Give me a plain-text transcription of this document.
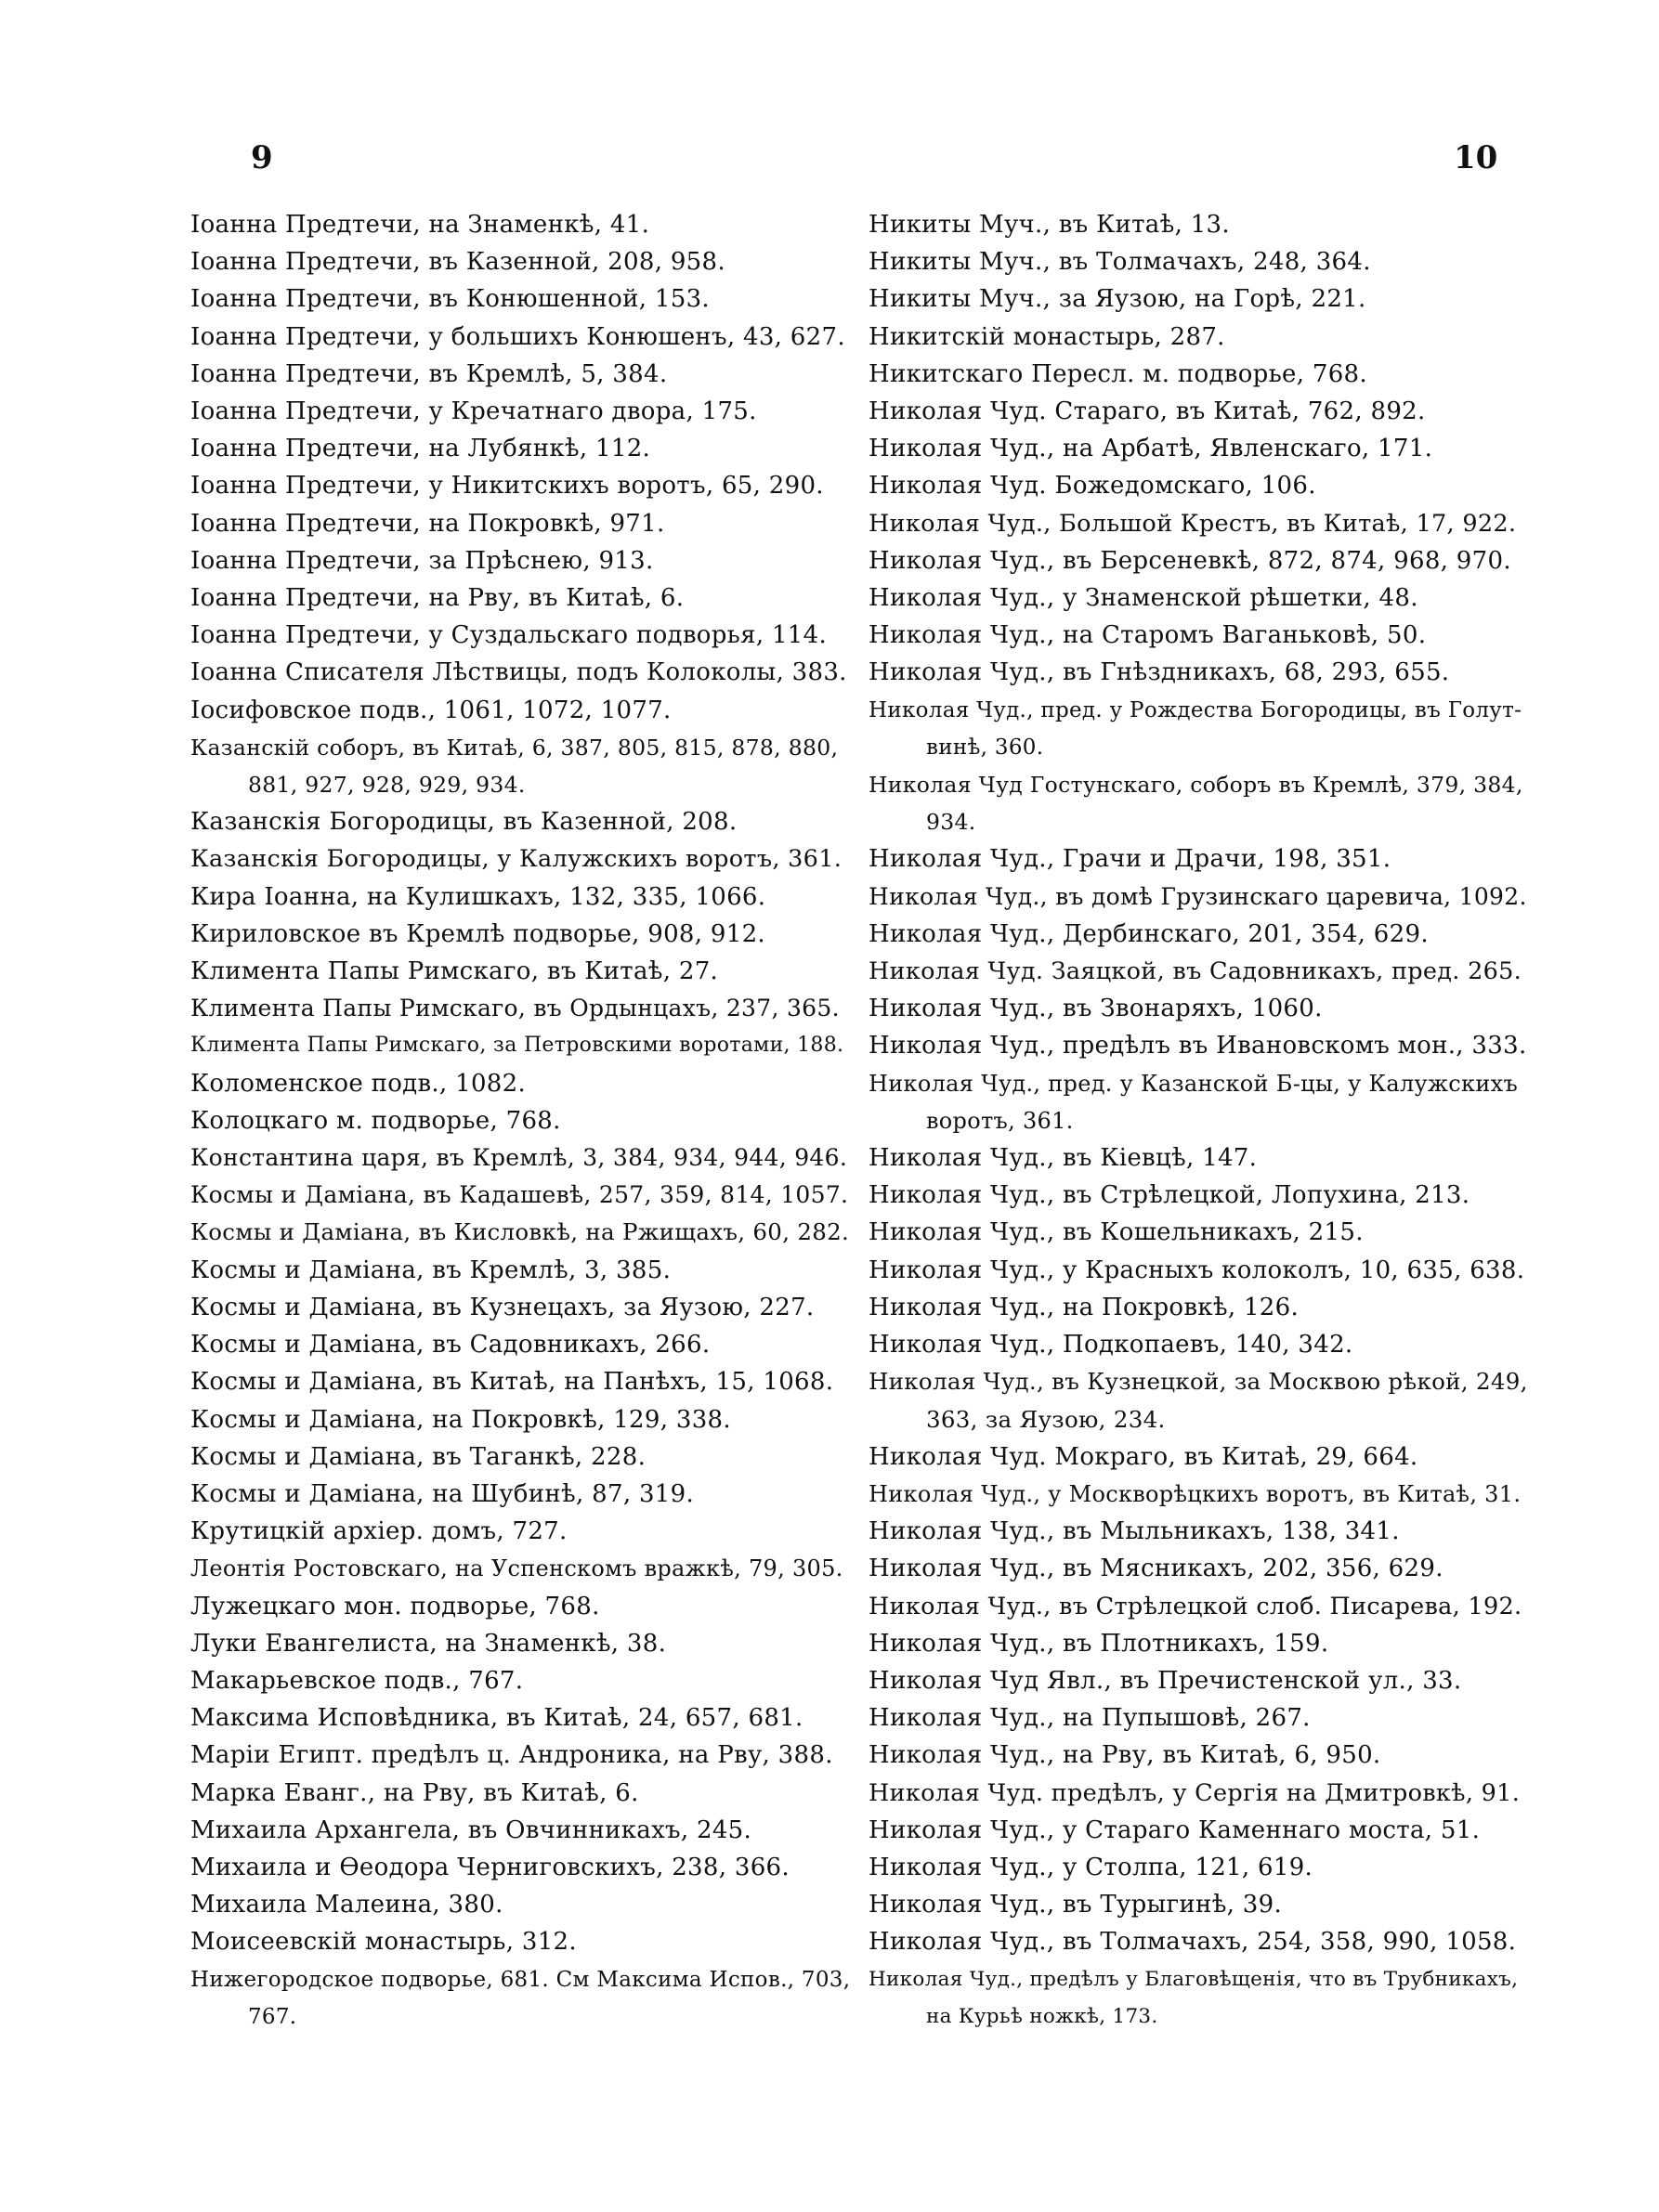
9	10

Іоанна Предтечи, на Знаменкѣ, 41.

Іоанна Предтечи, въ Казенной, 208, 958.

Іоанна Предтечи, въ Конюшенной, 153.

Іоанна Предтечи, у большихъ Конюшенъ, 43, 627.

Іоанна Предтечи, въ Кремлѣ, 5, 384.

Іоанна Предтечи, у Кречатнаго двора, 175.

Іоанна Предтечи, на Лубянкѣ, 112.

Іоанна Предтечи, у Никитскихъ воротъ, 65, 290.

Іоанна Предтечи, на Покровкѣ, 971.

Іоанна Предтечи, за Прѣснею, 913.

Іоанна Предтечи, на Рву, въ Китаѣ, 6.

Іоанна Предтечи, у Суздальскаго подворья, 114.

Іоанна Списателя Лѣствицы, подъ Колоколы, 383.

Іосифовское подв., 1061, 1072, 1077.

Казанскій соборъ, въ Китаѣ, 6, 387, 805, 815, 878, 880,
881, 927, 928, 929, 934.

Казанскія Богородицы, въ Казенной, 208.

Казанскія Богородицы, у Калужскихъ воротъ, 361.

Кира Іоанна, на Кулишкахъ, 132, 335, 1066.

Кириловское въ Кремлѣ подворье, 908, 912.

Климента Папы Римскаго, въ Китаѣ, 27.

Климента Папы Римскаго, въ Ордынцахъ, 237, 365.

Климента Папы Римскаго, за Петровскими воротами, 188.

Коломенское подв., 1082.

Колоцкаго м. подворье, 768.

Константина царя, въ Кремлѣ, 3, 384, 934, 944, 946.

Космы и Даміана, въ Кадашевѣ, 257, 359, 814, 1057.

Космы и Даміана, въ Кисловкѣ, на Ржищахъ, 60, 282.

Космы и Даміана, въ Кремлѣ, 3, 385.

Космы и Даміана, въ Кузнецахъ, за Яузою, 227.

Космы и Даміана, въ Садовникахъ, 266.

Космы и Даміана, въ Китаѣ, на Панѣхъ, 15, 1068.

Космы и Даміана, на Покровкѣ, 129, 338.

Космы и Даміана, въ Таганкѣ, 228.

Космы и Даміана, на Шубинѣ, 87, 319.

Крутицкій архіер. домъ, 727.

Леонтія Ростовскаго, на Успенскомъ вражкѣ, 79, 305.

Лужецкаго мон. подворье, 768.

Луки Евангелиста, на Знаменкѣ, 38.

Макарьевское подв., 767.

Максима Исповѣдника, въ Китаѣ, 24, 657, 681.

Маріи Египт. предѣлъ ц. Андроника, на Рву, 388.

Марка Еванг., на Рву, въ Китаѣ, 6.

Михаила Архангела, въ Овчинникахъ, 245.

Михаила и Ѳеодора Черниговскихъ, 238, 366.

Михаила Малеина, 380.

Моисеевскій монастырь, 312.

Нижегородское подворье, 681. См Максима Испов., 703,
767.

Никиты Муч., въ Китаѣ, 13.

Никиты Муч., въ Толмачахъ, 248, 364.

Никиты Муч., за Яузою, на Горѣ, 221.

Никитскій монастырь, 287.

Никитскаго Пересл. м. подворье, 768.

Николая Чуд. Стараго, въ Китаѣ, 762, 892.

Николая Чуд., на Арбатѣ, Явленскаго, 171.

Николая Чуд. Божедомскаго, 106.

Николая Чуд., Большой Крестъ, въ Китаѣ, 17, 922.

Николая Чуд., въ Берсеневкѣ, 872, 874, 968, 970.

Николая Чуд., у Знаменской рѣшетки, 48.

Николая Чуд., на Старомъ Ваганьковѣ, 50.

Николая Чуд., въ Гнѣздникахъ, 68, 293, 655.

Николая Чуд., пред. у Рождества Богородицы, въ Голут-
винѣ, 360.

Николая Чуд Гостунскаго, соборъ въ Кремлѣ, 379, 384,
934.

Николая Чуд., Грачи и Драчи, 198, 351.

Николая Чуд., въ домѣ Грузинскаго царевича, 1092.

Николая Чуд., Дербинскаго, 201, 354, 629.

Николая Чуд. Заяцкой, въ Садовникахъ, пред. 265.

Николая Чуд., въ Звонаряхъ, 1060.

Николая Чуд., предѣлъ въ Ивановскомъ мон., 333.

Николая Чуд., пред. у Казанской Б-цы, у Калужскихъ
воротъ, 361.

Николая Чуд., въ Кіевцѣ, 147.

Николая Чуд., въ Стрѣлецкой, Лопухина, 213.

Николая Чуд., въ Кошельникахъ, 215.

Николая Чуд., у Красныхъ колоколъ, 10, 635, 638.

Николая Чуд., на Покровкѣ, 126.

Николая Чуд., Подкопаевъ, 140, 342.

Николая Чуд., въ Кузнецкой, за Москвою рѣкой, 249,
363, за Яузою, 234.

Николая Чуд. Мокраго, въ Китаѣ, 29, 664.

Николая Чуд., у Москворѣцкихъ воротъ, въ Китаѣ, 31.

Николая Чуд., въ Мыльникахъ, 138, 341.

Николая Чуд., въ Мясникахъ, 202, 356, 629.

Николая Чуд., въ Стрѣлецкой слоб. Писарева, 192.

Николая Чуд., въ Плотникахъ, 159.

Николая Чуд Явл., въ Пречистенской ул., 33.

Николая Чуд., на Пупышовѣ, 267.

Николая Чуд., на Рву, въ Китаѣ, 6, 950.

Николая Чуд. предѣлъ, у Сергія на Дмитровкѣ, 91.

Николая Чуд., у Стараго Каменнаго моста, 51.

Николая Чуд., у Столпа, 121, 619.

Николая Чуд., въ Турыгинѣ, 39.

Николая Чуд., въ Толмачахъ, 254, 358, 990, 1058.

Николая Чуд., предѣлъ у Благовѣщенія, что въ Трубникахъ,
на Курьѣ ножкѣ, 173.
